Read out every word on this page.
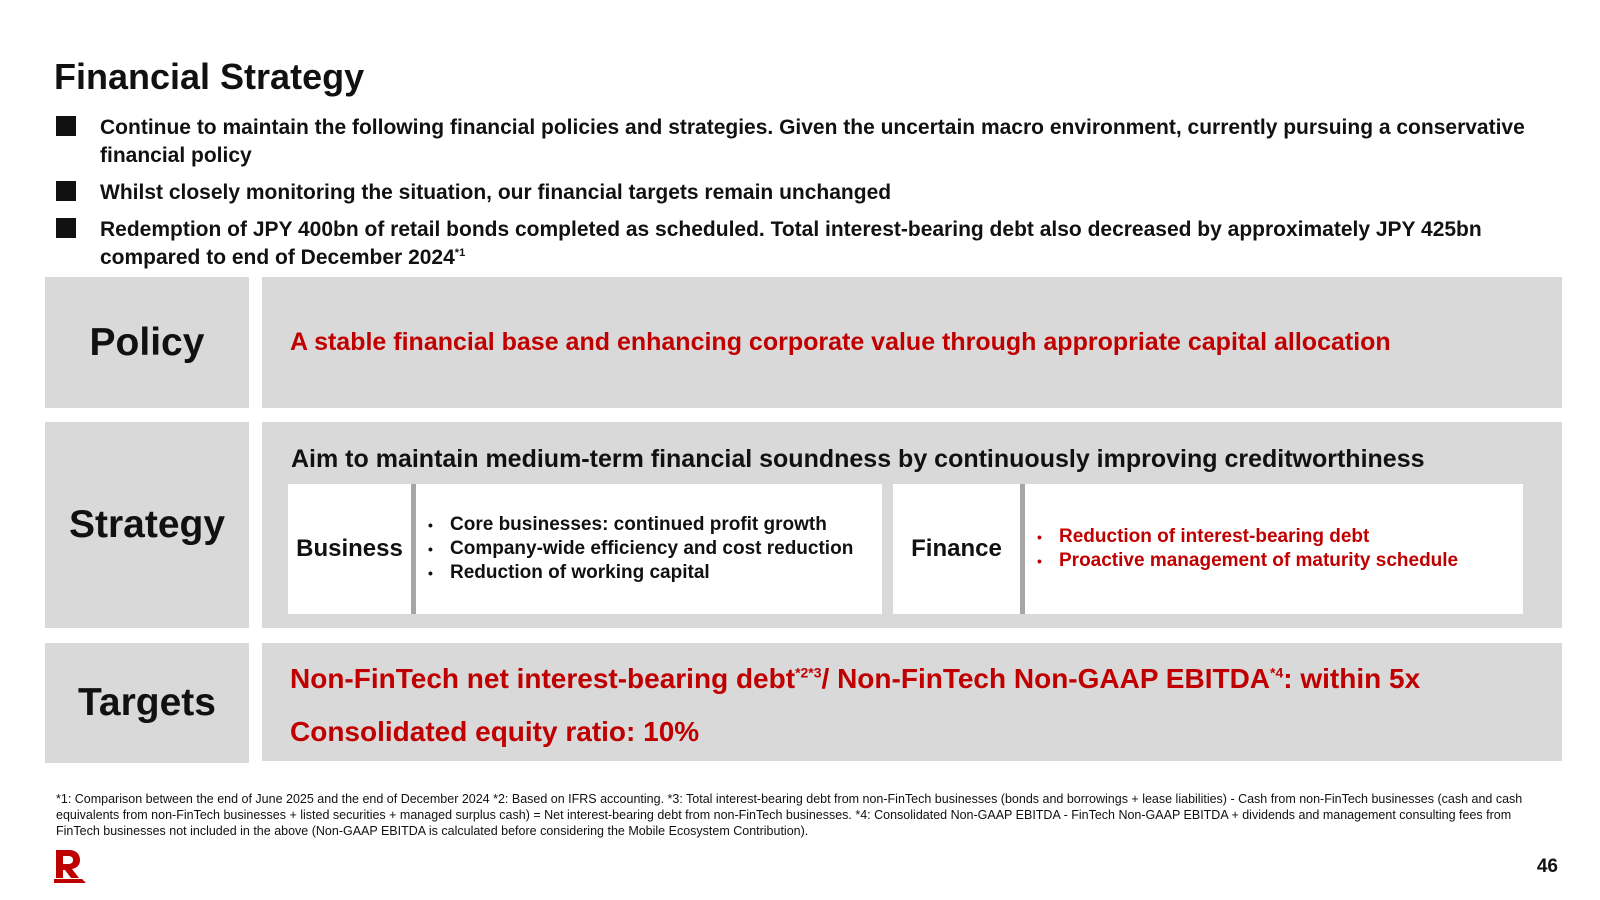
Financial Strategy
Continue to maintain the following financial policies and strategies. Given the uncertain macro environment, currently pursuing a conservative financial policy
Whilst closely monitoring the situation, our financial targets remain unchanged
Redemption of JPY 400bn of retail bonds completed as scheduled. Total interest-bearing debt also decreased by approximately JPY 425bn compared to end of December 2024$^{*1}$
Policy	A stable financial base and enhancing corporate value through appropriate capital allocation
Strategy
Aim to maintain medium-term financial soundness by continuously improving creditworthiness
Business
• Core businesses: continued profit growth
• Company-wide efficiency and cost reduction
• Reduction of working capital
Finance	• Reduction of interest-bearing debt
• Proactive management of maturity schedule
Targets
Non-FinTech net interest-bearing debt$^{*2*3}$/ Non-FinTech Non-GAAP EBITDA$^{*4}$: within 5x
Consolidated equity ratio: 10%
*1: Comparison between the end of June 2025 and the end of December 2024 *2: Based on IFRS accounting. *3: Total interest-bearing debt from non-FinTech businesses (bonds and borrowings + lease liabilities) - Cash from non-FinTech businesses (cash and cash equivalents from non-FinTech businesses + listed securities + managed surplus cash) = Net interest-bearing debt from non-FinTech businesses. *4: Consolidated Non-GAAP EBITDA - FinTech Non-GAAP EBITDA + dividends and management consulting fees from FinTech businesses not included in the above (Non-GAAP EBITDA is calculated before considering the Mobile Ecosystem Contribution).
46
